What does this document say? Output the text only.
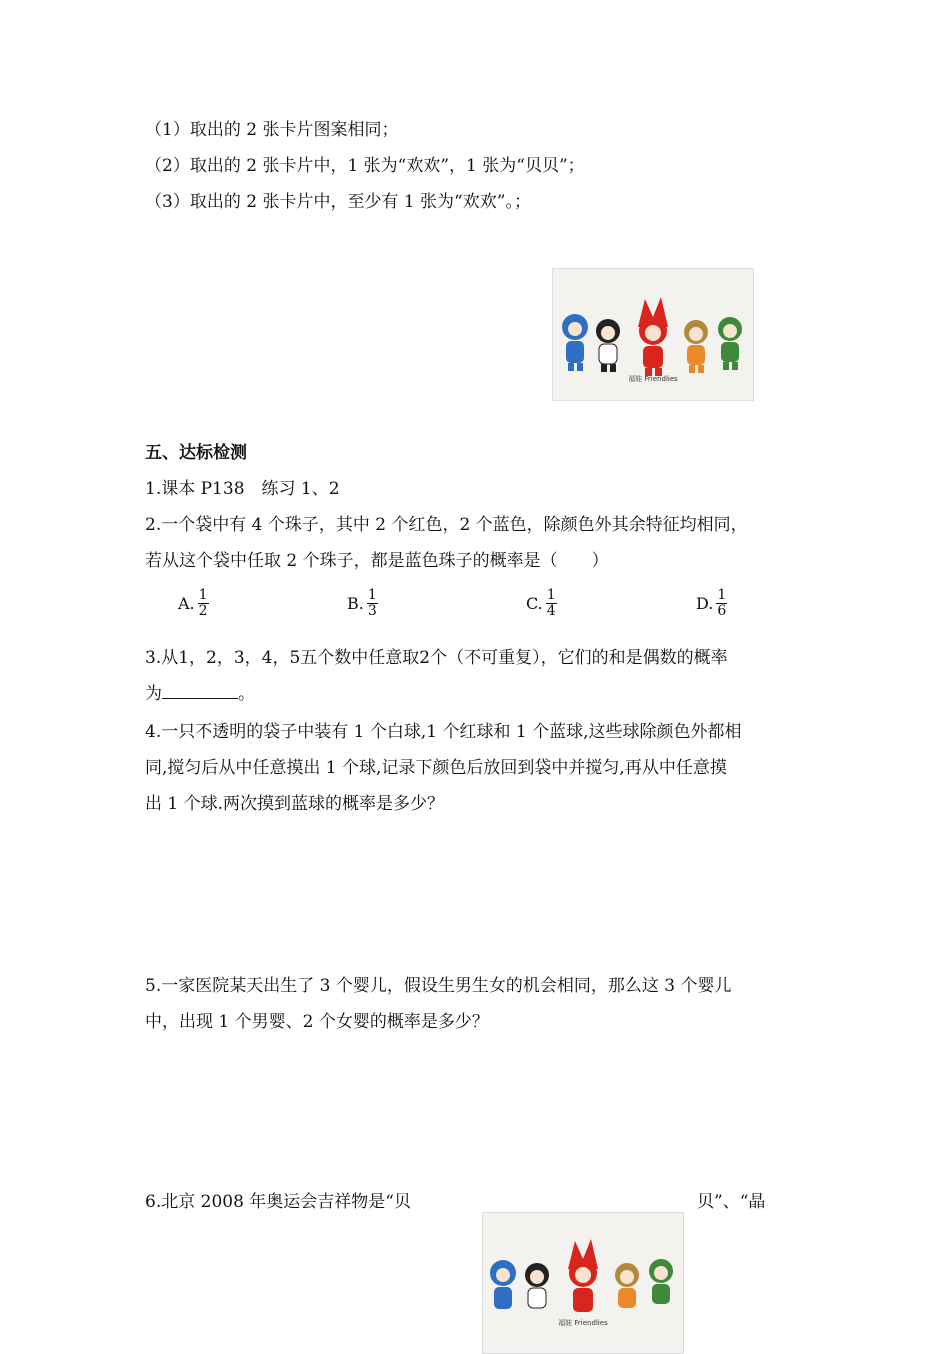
（1）取出的 2 张卡片图案相同；
（2）取出的 2 张卡片中，1 张为“欢欢”，1 张为“贝贝”；
（3）取出的 2 张卡片中，至少有 1 张为“欢欢”。；
福娃 Friendlies
五、达标检测
1.课本 P138　练习 1、2
2.一个袋中有 4 个珠子，其中 2 个红色，2 个蓝色，除颜色外其余特征均相同，
若从这个袋中任取 2 个珠子，都是蓝色珠子的概率是（　　）
A. $\frac{1}{2}$	B. $\frac{1}{3}$	C. $\frac{1}{4}$	D. $\frac{1}{6}$
3.从1，2，3，4，5五个数中任意取2个（不可重复），它们的和是偶数的概率
为	。
4.一只不透明的袋子中装有 1 个白球,1 个红球和 1 个蓝球,这些球除颜色外都相
同,搅匀后从中任意摸出 1 个球,记录下颜色后放回到袋中并搅匀,再从中任意摸
出 1 个球.两次摸到蓝球的概率是多少？
5.一家医院某天出生了 3 个婴儿，假设生男生女的机会相同，那么这 3 个婴儿
中，出现 1 个男婴、2 个女婴的概率是多少？
6.北京 2008 年奥运会吉祥物是“贝	贝”、“晶
福娃 Friendlies
